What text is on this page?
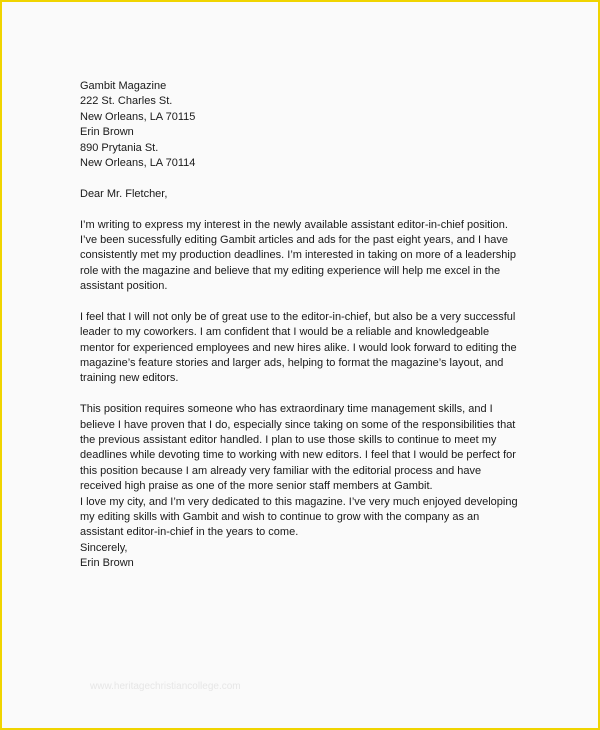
Gambit Magazine
222 St. Charles St.
New Orleans, LA 70115
Erin Brown
890 Prytania St.
New Orleans, LA 70114
Dear Mr. Fletcher,
I’m writing to express my interest in the newly available assistant editor-in-chief position.
I’ve been sucessfully editing Gambit articles and ads for the past eight years, and I have
consistently met my production deadlines. I’m interested in taking on more of a leadership
role with the magazine and believe that my editing experience will help me excel in the
assistant position.
I feel that I will not only be of great use to the editor-in-chief, but also be a very successful
leader to my coworkers. I am confident that I would be a reliable and knowledgeable
mentor for experienced employees and new hires alike. I would look forward to editing the
magazine’s feature stories and larger ads, helping to format the magazine’s layout, and
training new editors.
This position requires someone who has extraordinary time management skills, and I
believe I have proven that I do, especially since taking on some of the responsibilities that
the previous assistant editor handled. I plan to use those skills to continue to meet my
deadlines while devoting time to working with new editors. I feel that I would be perfect for
this position because I am already very familiar with the editorial process and have
received high praise as one of the more senior staff members at Gambit.
I love my city, and I’m very dedicated to this magazine. I’ve very much enjoyed developing
my editing skills with Gambit and wish to continue to grow with the company as an
assistant editor-in-chief in the years to come.
Sincerely,
Erin Brown
www.heritagechristiancollege.com
